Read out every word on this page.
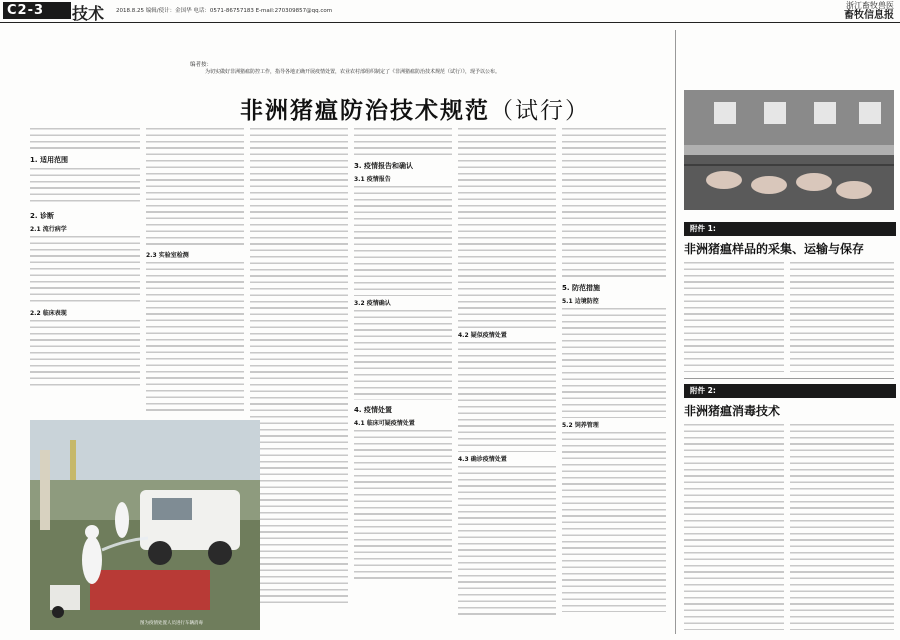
C2-3	技术 2018.8.25 编辑/使计：金国华 电话：0571-86757183 E-mail:270309857@qq.com
浙江畜牧兽医
畜牧信息报
编者按：
为切实做好非洲猪瘟防控工作，指导各地正确开展疫情处置，农业农村部组织制定了《非洲猪瘟防治技术规范（试行）》，现予以公布。
非洲猪瘟防治技术规范（试行）
1. 适用范围
2. 诊断
2.1 流行病学
2.2 临床表现
2.3 实验室检测
3. 疫情报告和确认
3.1 疫情报告
3.2 疫情确认
4. 疫情处置
4.1 临床可疑疫情处置
4.2 疑似疫情处置
4.3 确诊疫情处置
5. 防范措施
5.1 边境防控
5.2 饲养管理
图为疫情处置人员进行车辆消毒
附件 1:
非洲猪瘟样品的采集、运输与保存
附件 2:
非洲猪瘟消毒技术
